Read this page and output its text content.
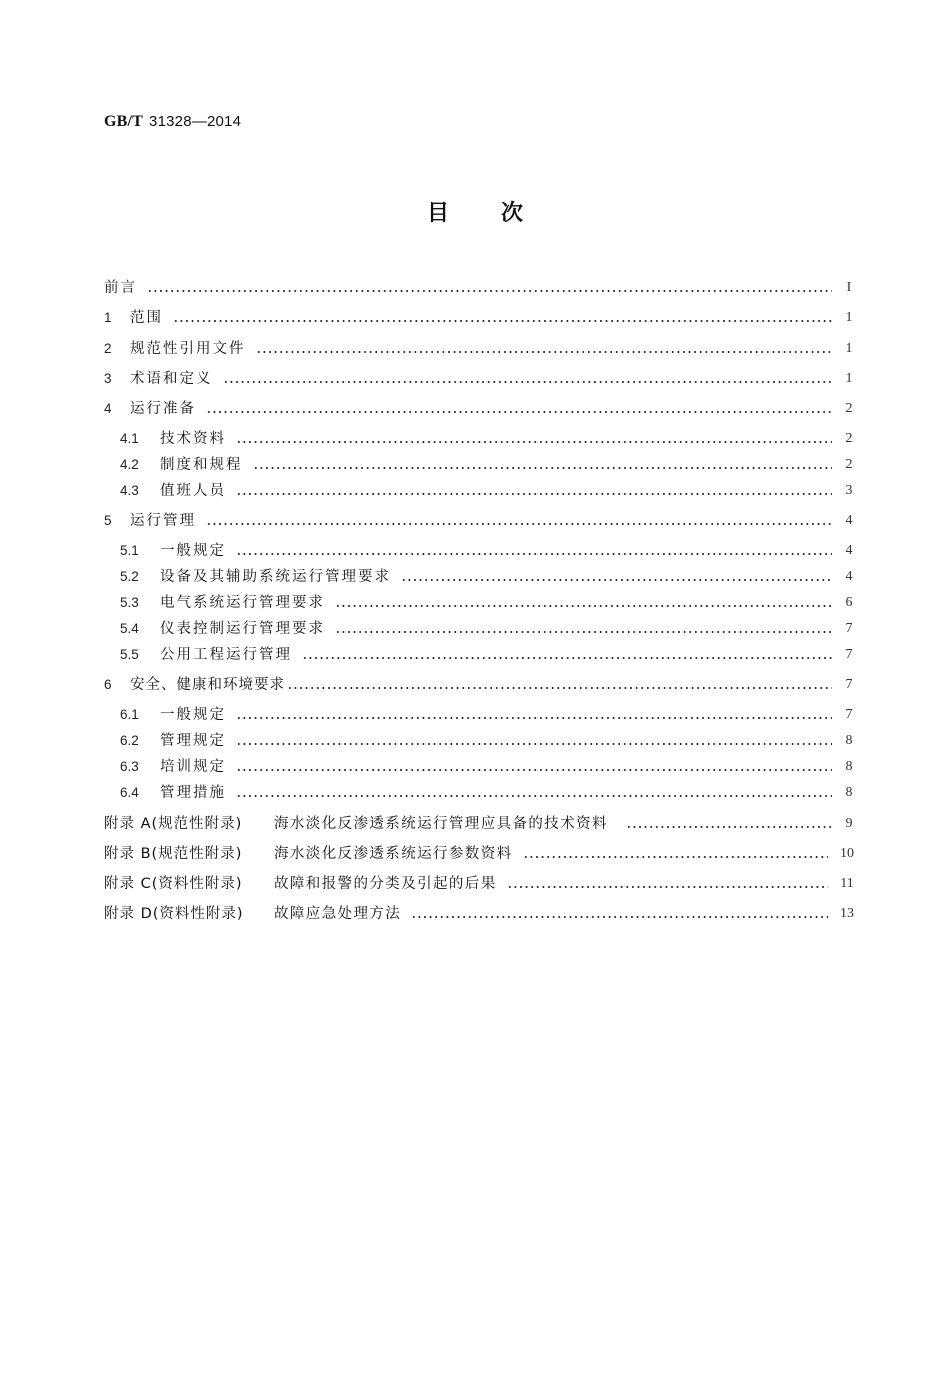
GB/T 31328—2014
目 次
前言	I
1	范围	1
2	规范性引用文件	1
3	术语和定义	1
4	运行准备	2
4.1	技术资料	2
4.2	制度和规程	2
4.3	值班人员	3
5	运行管理	4
5.1	一般规定	4
5.2	设备及其辅助系统运行管理要求	4
5.3	电气系统运行管理要求	6
5.4	仪表控制运行管理要求	7
5.5	公用工程运行管理	7
6	安全、健康和环境要求	7
6.1	一般规定	7
6.2	管理规定	8
6.3	培训规定	8
6.4	管理措施	8
附录 A(规范性附录)	海水淡化反渗透系统运行管理应具备的技术资料	9
附录 B(规范性附录)	海水淡化反渗透系统运行参数资料	10
附录 C(资料性附录)	故障和报警的分类及引起的后果	11
附录 D(资料性附录)	故障应急处理方法	13
